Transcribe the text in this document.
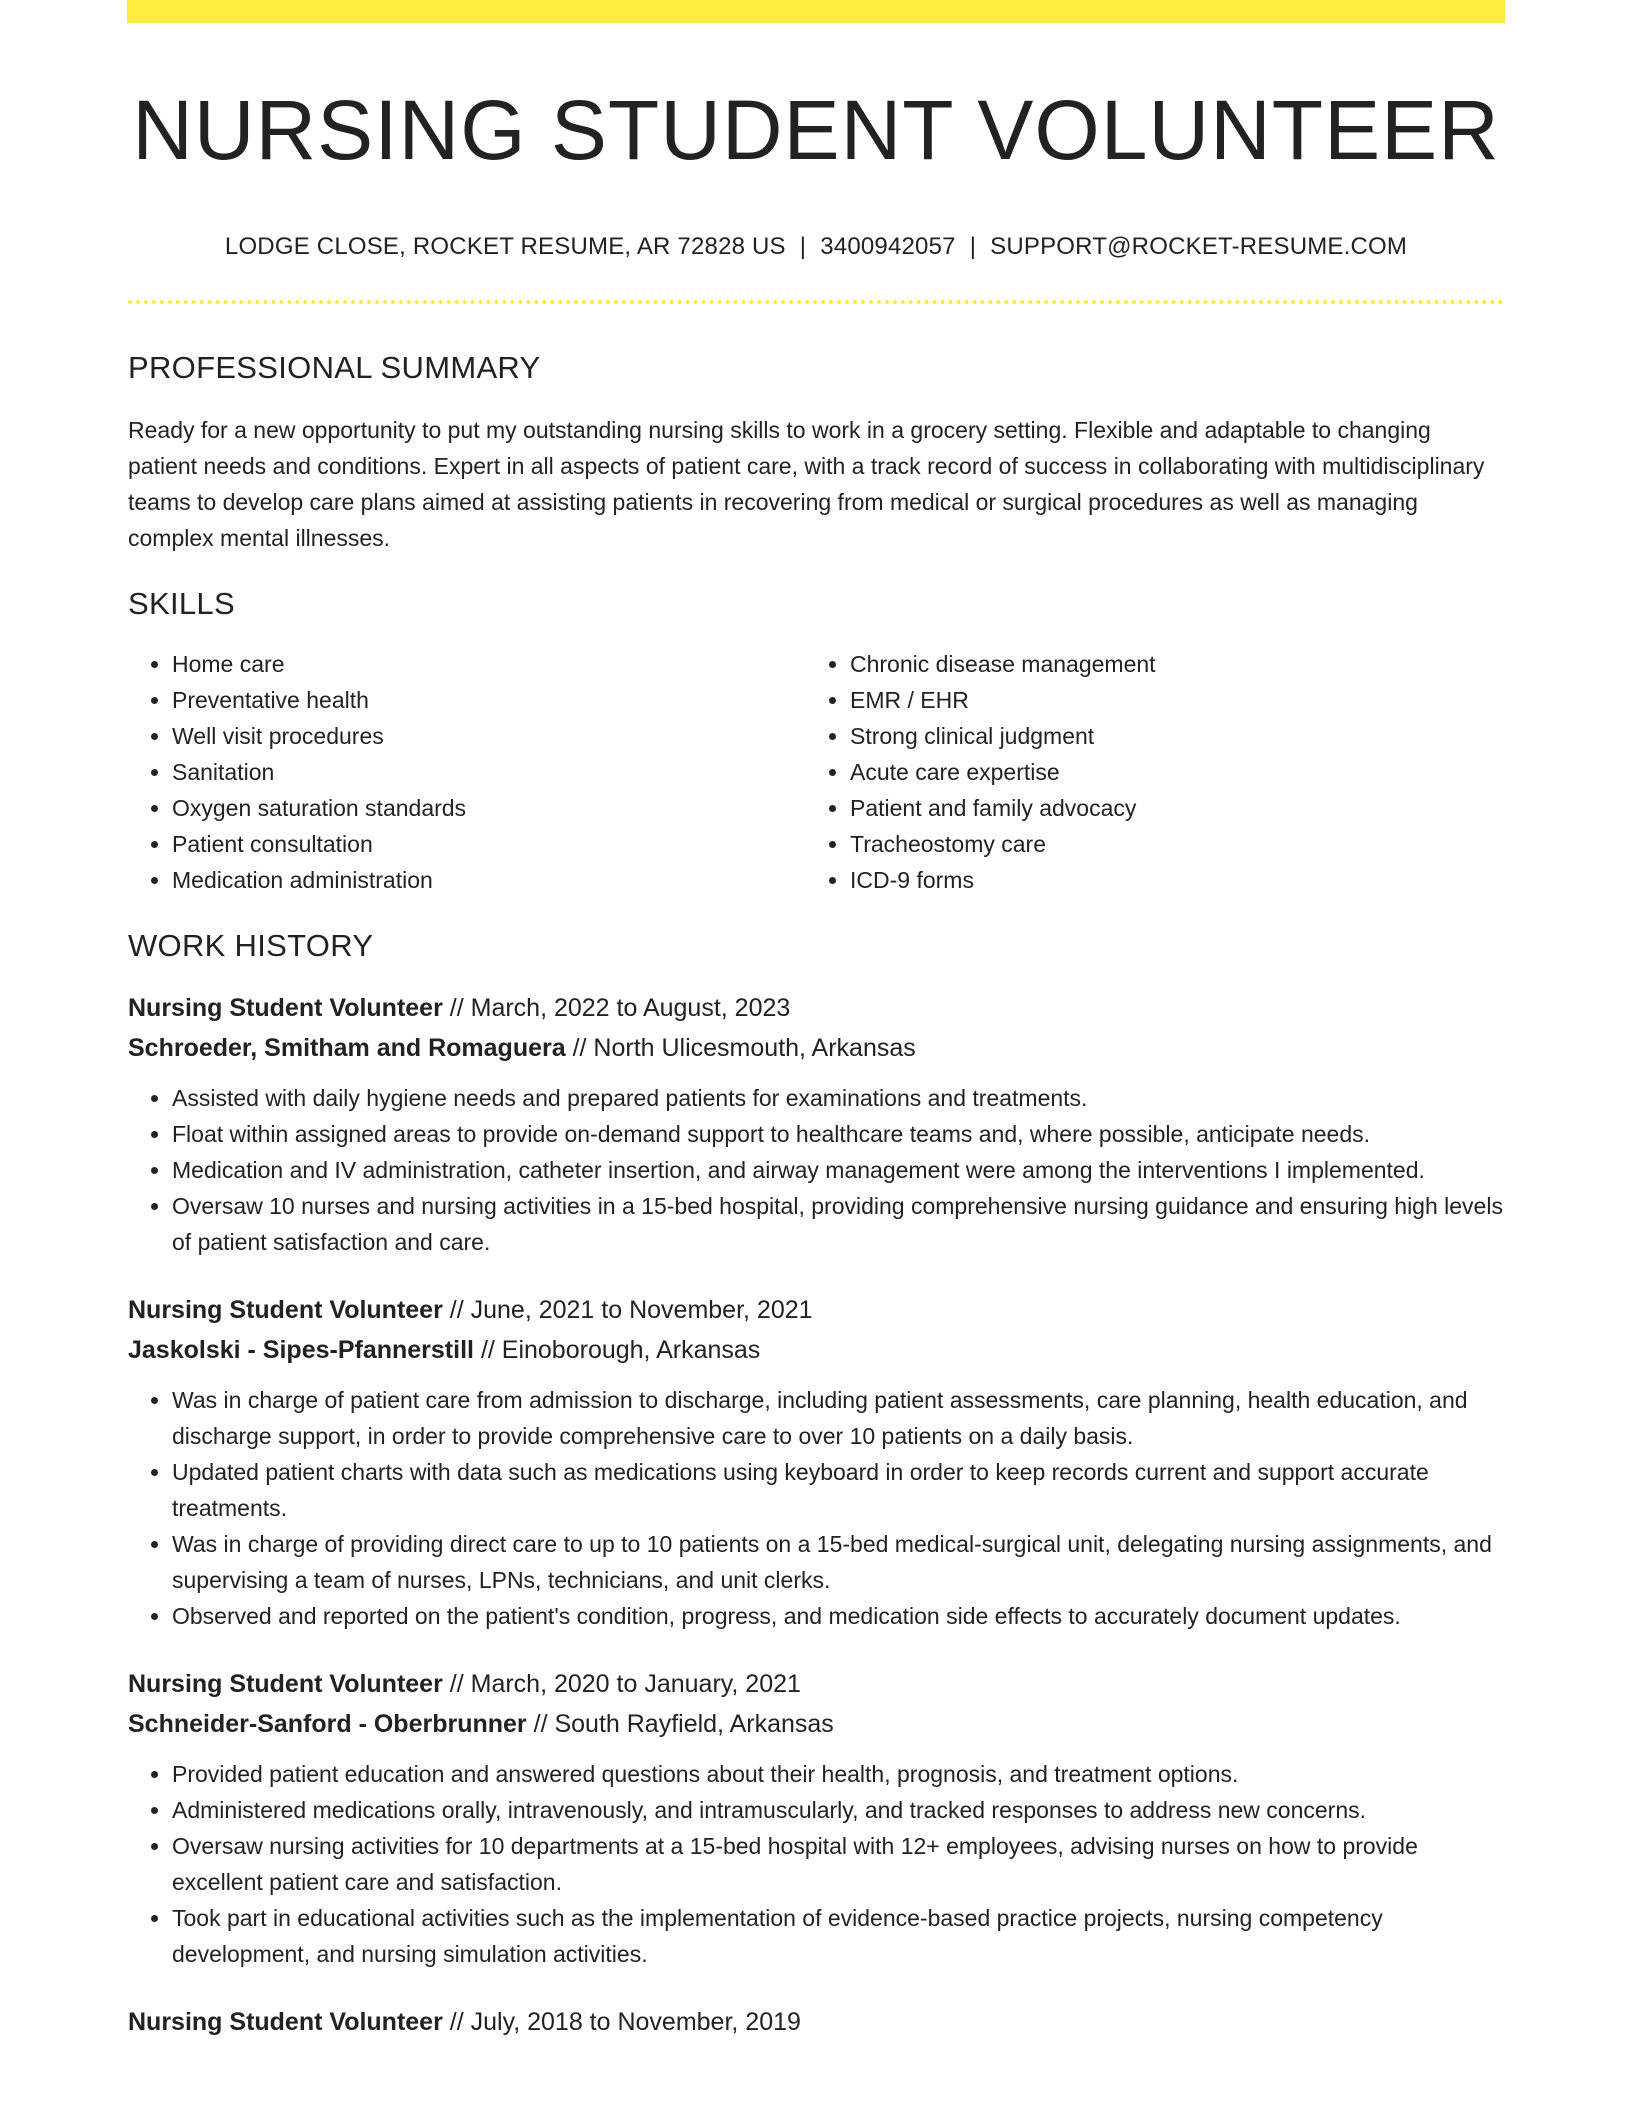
NURSING STUDENT VOLUNTEER
LODGE CLOSE, ROCKET RESUME, AR 72828 US | 3400942057 | SUPPORT@ROCKET-RESUME.COM
PROFESSIONAL SUMMARY

Ready for a new opportunity to put my outstanding nursing skills to work in a grocery setting. Flexible and adaptable to changing patient needs and conditions. Expert in all aspects of patient care, with a track record of success in collaborating with multidisciplinary teams to develop care plans aimed at assisting patients in recovering from medical or surgical procedures as well as managing complex mental illnesses.

SKILLS
• Home care
• Preventative health
• Well visit procedures
• Sanitation
• Oxygen saturation standards
• Patient consultation
• Medication administration
• Chronic disease management
• EMR / EHR
• Strong clinical judgment
• Acute care expertise
• Patient and family advocacy
• Tracheostomy care
• ICD-9 forms
WORK HISTORY
Nursing Student Volunteer // March, 2022 to August, 2023
Schroeder, Smitham and Romaguera // North Ulicesmouth, Arkansas
• Assisted with daily hygiene needs and prepared patients for examinations and treatments.
• Float within assigned areas to provide on-demand support to healthcare teams and, where possible, anticipate needs.
• Medication and IV administration, catheter insertion, and airway management were among the interventions I implemented.
• Oversaw 10 nurses and nursing activities in a 15-bed hospital, providing comprehensive nursing guidance and ensuring high levels of patient satisfaction and care.
Nursing Student Volunteer // June, 2021 to November, 2021
Jaskolski - Sipes-Pfannerstill // Einoborough, Arkansas
• Was in charge of patient care from admission to discharge, including patient assessments, care planning, health education, and discharge support, in order to provide comprehensive care to over 10 patients on a daily basis.
• Updated patient charts with data such as medications using keyboard in order to keep records current and support accurate treatments.
• Was in charge of providing direct care to up to 10 patients on a 15-bed medical-surgical unit, delegating nursing assignments, and supervising a team of nurses, LPNs, technicians, and unit clerks.
• Observed and reported on the patient's condition, progress, and medication side effects to accurately document updates.
Nursing Student Volunteer // March, 2020 to January, 2021
Schneider-Sanford - Oberbrunner // South Rayfield, Arkansas
• Provided patient education and answered questions about their health, prognosis, and treatment options.
• Administered medications orally, intravenously, and intramuscularly, and tracked responses to address new concerns.
• Oversaw nursing activities for 10 departments at a 15-bed hospital with 12+ employees, advising nurses on how to provide excellent patient care and satisfaction.
• Took part in educational activities such as the implementation of evidence-based practice projects, nursing competency development, and nursing simulation activities.
Nursing Student Volunteer // July, 2018 to November, 2019
